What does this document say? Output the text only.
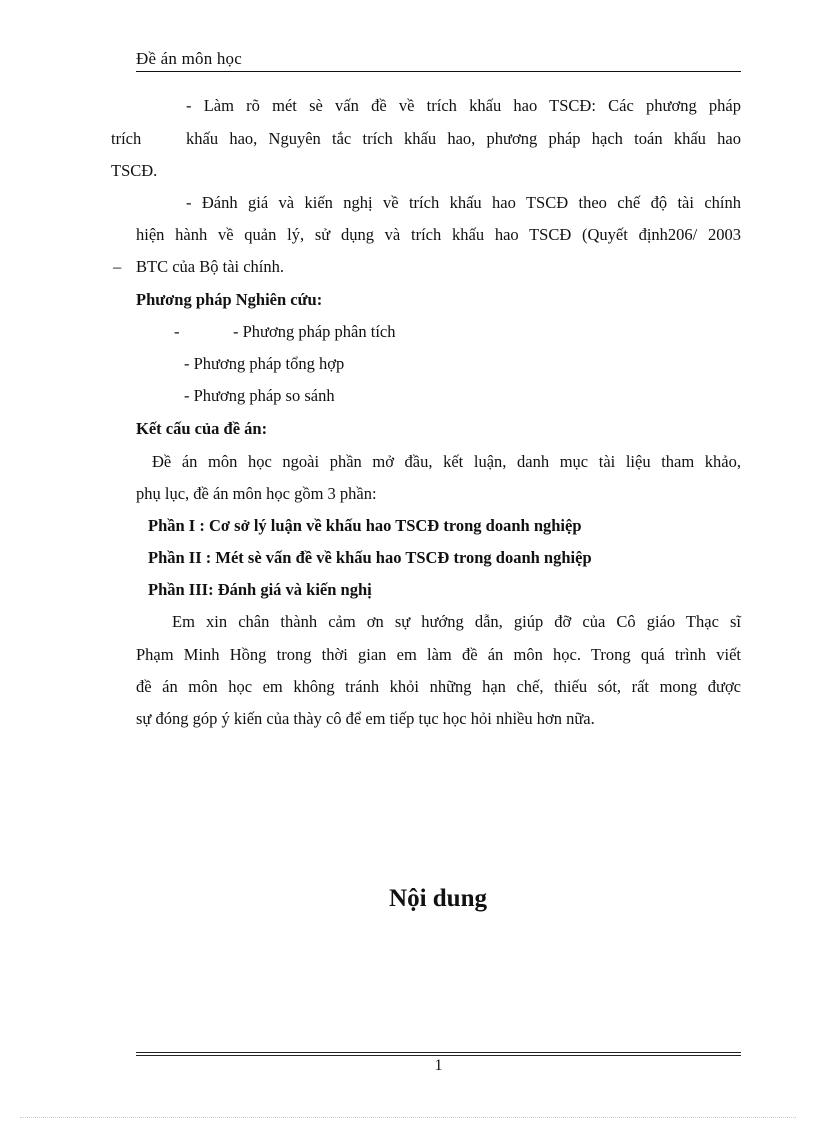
Đề án môn học
- Làm rõ mét sè vấn đề về trích khấu hao TSCĐ: Các phương pháp
trích	khấu hao, Nguyên tắc trích khấu hao, phương pháp hạch toán khấu hao
TSCĐ.
- Đánh giá và kiến nghị về trích khấu hao TSCĐ theo chế độ tài chính
hiện hành về quản lý, sử dụng và trích khấu hao TSCĐ (Quyết định206/ 2003
– BTC của Bộ tài chính.
Phương pháp Nghiên cứu:
-	- Phương pháp phân tích
- Phương pháp tổng hợp
- Phương pháp so sánh
Kết cấu của đề án:
Đề án môn học ngoài phần mở đầu, kết luận, danh mục tài liệu tham khảo,
phụ lục, đề án môn học gồm 3 phần:
Phần I : Cơ sở lý luận về khấu hao TSCĐ trong doanh nghiệp
Phần II : Mét sè vấn đề về khấu hao TSCĐ trong doanh nghiệp
Phần III: Đánh giá và kiến nghị
Em xin chân thành cảm ơn sự hướng dẫn, giúp đỡ của Cô giáo Thạc sĩ
Phạm Minh Hồng trong thời gian em làm đề án môn học. Trong quá trình viết
đề án môn học em không tránh khỏi những hạn chế, thiếu sót, rất mong được
sự đóng góp ý kiến của thày cô để em tiếp tục học hỏi nhiều hơn nữa.
Nội dung
1
